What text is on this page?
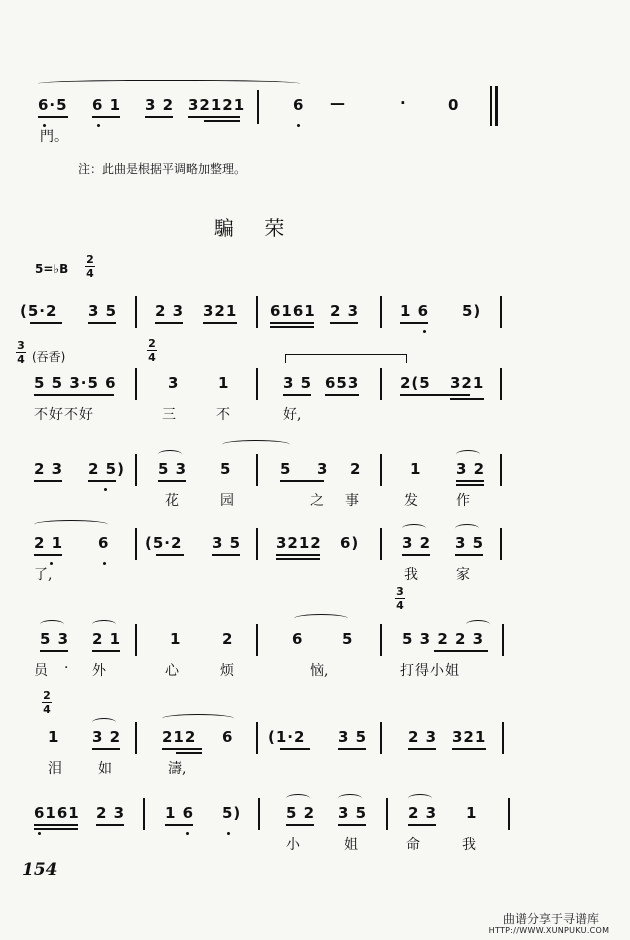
6·5 6 1 3 2 32121	6 —	·	0
門。
注：此曲是根据平调略加整理。
騙 荣
5=♭B
2
4
(5·2 3 5	2 3 321 6161 2 3	1 6 5)
3
4 (吞香)
2
4
5 5 3·5 6	3	1	3 5 653	2(5 321
不好不好	三	不	好,
2 3 2 5) 5 3 5	5 3 2	1 3 2
花	园	之 事	发	作
2 1 6 (5·2 3 5 3212 6)	3 2 3 5
了,	我	家
3
4
5 3 2 1	1	2	6	5	5 3 2 2 3
员 · 外	心	烦	恼,	打得小姐
2
4
1 3 2	212 6 (1·2 3 5	2 3 321
泪	如	濤,
6161 2 3	1 6 5)	5 2 3 5	2 3 1
小	姐	命	我
154
曲谱分享于寻谱库
HTTP://WWW.XUNPUKU.COM
